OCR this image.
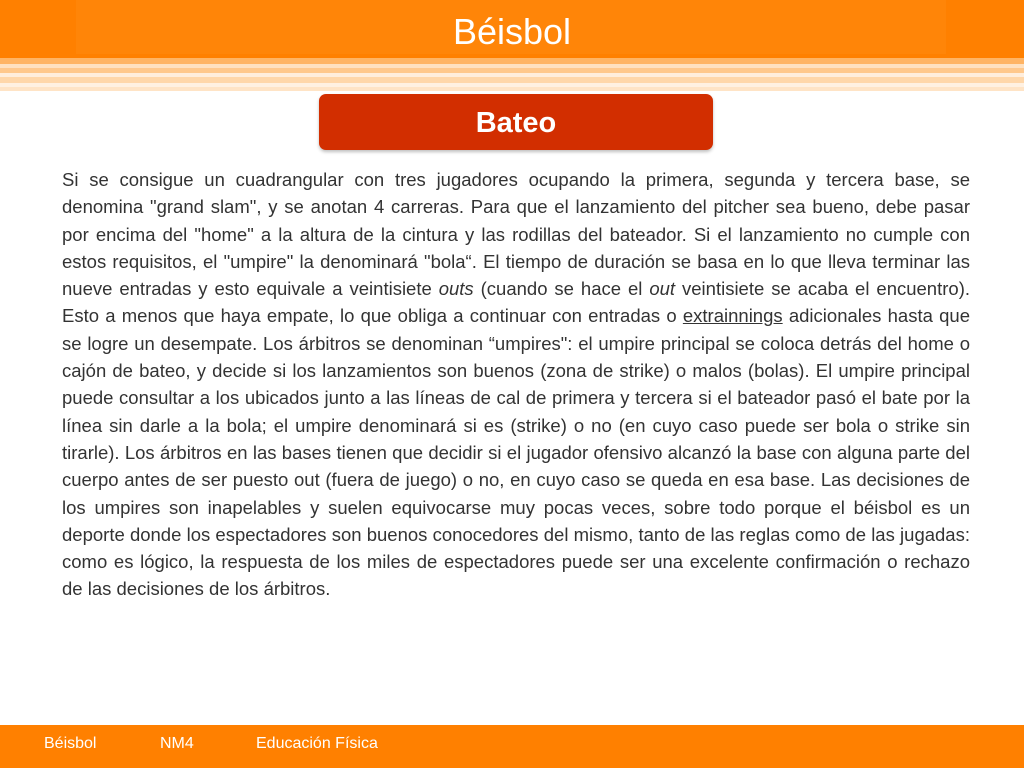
Béisbol
Bateo

Si se consigue un cuadrangular con tres jugadores ocupando la primera, segunda y tercera base, se denomina "grand slam", y se anotan 4 carreras. Para que el lanzamiento del pitcher sea bueno, debe pasar por encima del "home" a la altura de la cintura y las rodillas del bateador. Si el lanzamiento no cumple con estos requisitos, el "umpire" la denominará "bola“. El tiempo de duración se basa en lo que lleva terminar las nueve entradas y esto equivale a veintisiete outs (cuando se hace el out veintisiete se acaba el encuentro). Esto a menos que haya empate, lo que obliga a continuar con entradas o extrainnings adicionales hasta que se logre un desempate. Los árbitros se denominan “umpires": el umpire principal se coloca detrás del home o cajón de bateo, y decide si los lanzamientos son buenos (zona de strike) o malos (bolas). El umpire principal puede consultar a los ubicados junto a las líneas de cal de primera y tercera si el bateador pasó el bate por la línea sin darle a la bola; el umpire denominará si es (strike) o no (en cuyo caso puede ser bola o strike sin tirarle). Los árbitros en las bases tienen que decidir si el jugador ofensivo alcanzó la base con alguna parte del cuerpo antes de ser puesto out (fuera de juego) o no, en cuyo caso se queda en esa base. Las decisiones de los umpires son inapelables y suelen equivocarse muy pocas veces, sobre todo porque el béisbol es un deporte donde los espectadores son buenos conocedores del mismo, tanto de las reglas como de las jugadas: como es lógico, la respuesta de los miles de espectadores puede ser una excelente confirmación o rechazo de las decisiones de los árbitros.

Béisbol	NM4	Educación Física
